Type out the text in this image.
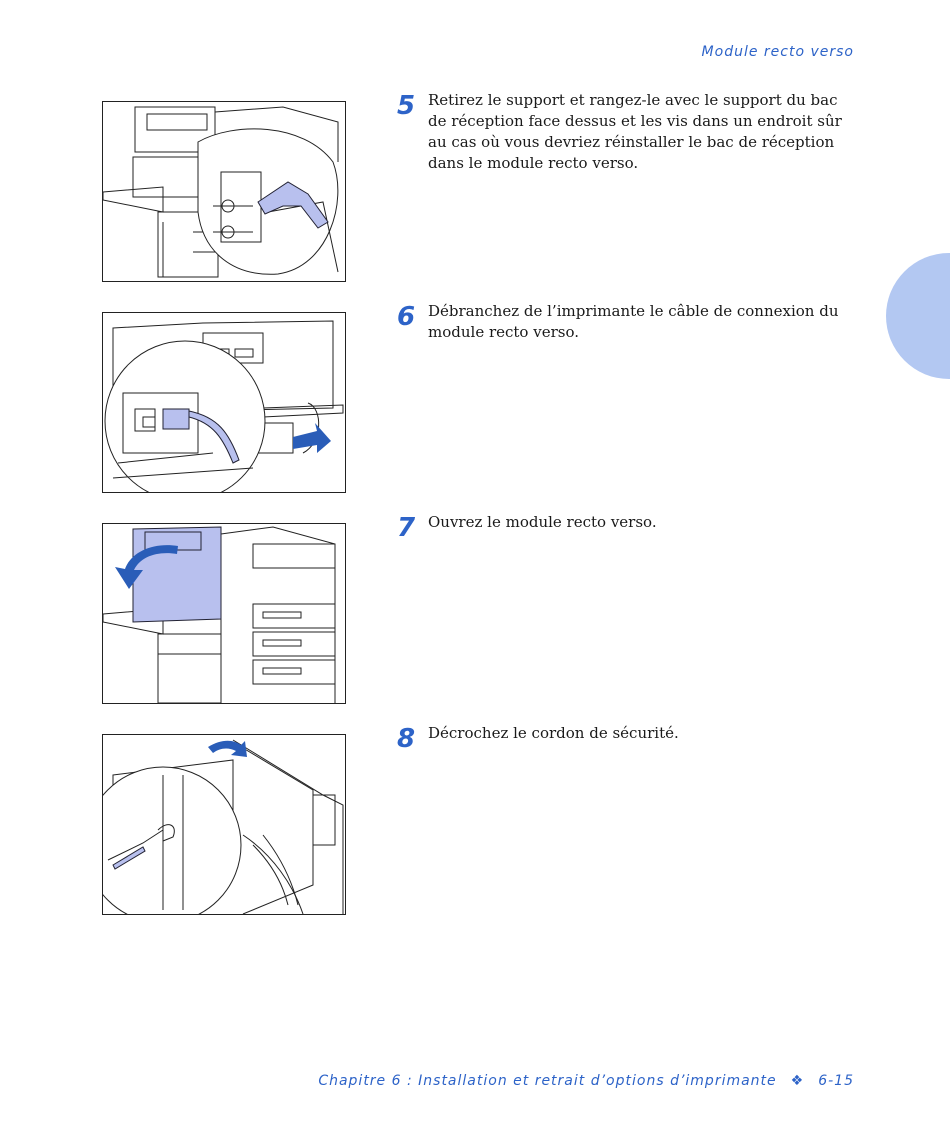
Module recto verso
5 Retirez le support et rangez-le avec le support du bac de réception face dessus et les vis dans un endroit sûr au cas où vous devriez réinstaller le bac de réception dans le module recto verso.
6 Débranchez de l’imprimante le câble de connexion du module recto verso.
7 Ouvrez le module recto verso.
8 Décrochez le cordon de sécurité.
Chapitre 6 : Installation et retrait d’options d’imprimante ❖ 6-15
